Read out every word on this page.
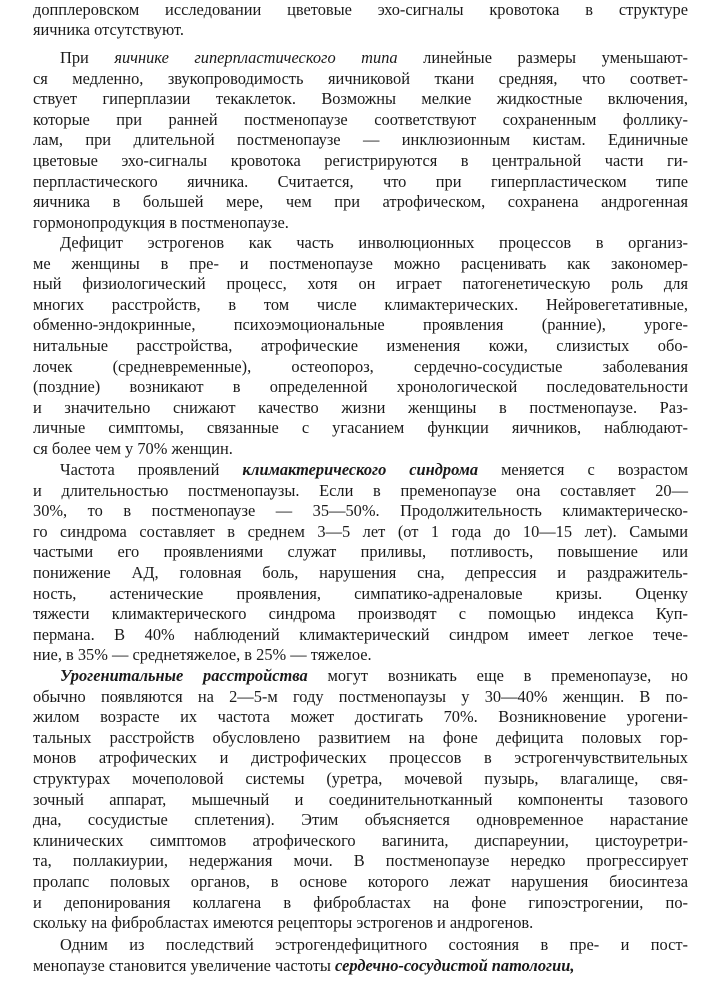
допплеровском исследовании цветовые эхо-сигналы кровотока в структуре
яичника отсутствуют.
При яичнике гиперпластического типа линейные размеры уменьшают-
ся медленно, звукопроводимость яичниковой ткани средняя, что соответ-
ствует гиперплазии текаклеток. Возможны мелкие жидкостные включения,
которые при ранней постменопаузе соответствуют сохраненным фоллику-
лам, при длительной постменопаузе — инклюзионным кистам. Единичные
цветовые эхо-сигналы кровотока регистрируются в центральной части ги-
перпластического яичника. Считается, что при гиперпластическом типе
яичника в большей мере, чем при атрофическом, сохранена андрогенная
гормонопродукция в постменопаузе.
Дефицит эстрогенов как часть инволюционных процессов в организ-
ме женщины в пре- и постменопаузе можно расценивать как закономер-
ный физиологический процесс, хотя он играет патогенетическую роль для
многих расстройств, в том числе климактерических. Нейровегетативные,
обменно-эндокринные, психоэмоциональные проявления (ранние), уроге-
нитальные расстройства, атрофические изменения кожи, слизистых обо-
лочек (средневременные), остеопороз, сердечно-сосудистые заболевания
(поздние) возникают в определенной хронологической последовательности
и значительно снижают качество жизни женщины в постменопаузе. Раз-
личные симптомы, связанные с угасанием функции яичников, наблюдают-
ся более чем у 70% женщин.
Частота проявлений климактерического синдрома меняется с возрастом
и длительностью постменопаузы. Если в пременопаузе она составляет 20—
30%, то в постменопаузе — 35—50%. Продолжительность климактерическо-
го синдрома составляет в среднем 3—5 лет (от 1 года до 10—15 лет). Самыми
частыми его проявлениями служат приливы, потливость, повышение или
понижение АД, головная боль, нарушения сна, депрессия и раздражитель-
ность, астенические проявления, симпатико-адреналовые кризы. Оценку
тяжести климактерического синдрома производят с помощью индекса Куп-
пермана. В 40% наблюдений климактерический синдром имеет легкое тече-
ние, в 35% — среднетяжелое, в 25% — тяжелое.
Урогенитальные расстройства могут возникать еще в пременопаузе, но
обычно появляются на 2—5-м году постменопаузы у 30—40% женщин. В по-
жилом возрасте их частота может достигать 70%. Возникновение урогени-
тальных расстройств обусловлено развитием на фоне дефицита половых гор-
монов атрофических и дистрофических процессов в эстрогенчувствительных
структурах мочеполовой системы (уретра, мочевой пузырь, влагалище, свя-
зочный аппарат, мышечный и соединительнотканный компоненты тазового
дна, сосудистые сплетения). Этим объясняется одновременное нарастание
клинических симптомов атрофического вагинита, диспареунии, цистоуретри-
та, поллакиурии, недержания мочи. В постменопаузе нередко прогрессирует
пролапс половых органов, в основе которого лежат нарушения биосинтеза
и депонирования коллагена в фибробластах на фоне гипоэстрогении, по-
скольку на фибробластах имеются рецепторы эстрогенов и андрогенов.
Одним из последствий эстрогендефицитного состояния в пре- и пост-
менопаузе становится увеличение частоты сердечно-сосудистой патологии,
